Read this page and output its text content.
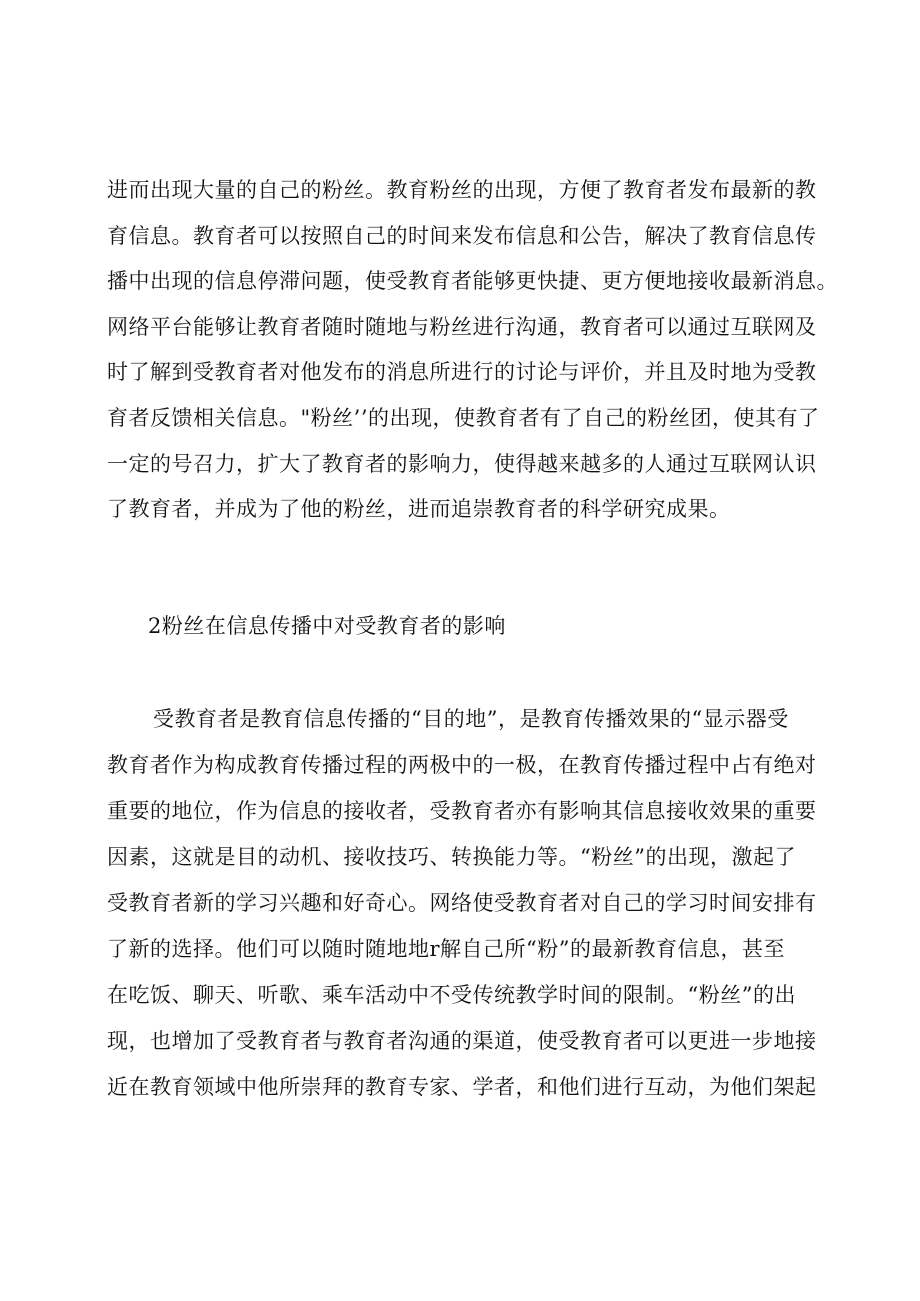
进而出现大量的自己的粉丝。教育粉丝的出现，方便了教育者发布最新的教
育信息。教育者可以按照自己的时间来发布信息和公告，解决了教育信息传
播中出现的信息停滞问题，使受教育者能够更快捷、更方便地接收最新消息。
网络平台能够让教育者随时随地与粉丝进行沟通，教育者可以通过互联网及
时了解到受教育者对他发布的消息所进行的讨论与评价，并且及时地为受教
育者反馈相关信息。"粉丝’’的出现，使教育者有了自己的粉丝团，使其有了
一定的号召力，扩大了教育者的影响力，使得越来越多的人通过互联网认识
了教育者，并成为了他的粉丝，进而追崇教育者的科学研究成果。
2粉丝在信息传播中对受教育者的影响
受教育者是教育信息传播的“目的地”，是教育传播效果的“显示器受
教育者作为构成教育传播过程的两极中的一极，在教育传播过程中占有绝对
重要的地位，作为信息的接收者，受教育者亦有影响其信息接收效果的重要
因素，这就是目的动机、接收技巧、转换能力等。“粉丝”的出现，激起了
受教育者新的学习兴趣和好奇心。网络使受教育者对自己的学习时间安排有
了新的选择。他们可以随时随地地r解自己所“粉”的最新教育信息，甚至
在吃饭、聊天、听歌、乘车活动中不受传统教学时间的限制。“粉丝”的出
现，也增加了受教育者与教育者沟通的渠道，使受教育者可以更进一步地接
近在教育领域中他所崇拜的教育专家、学者，和他们进行互动，为他们架起
